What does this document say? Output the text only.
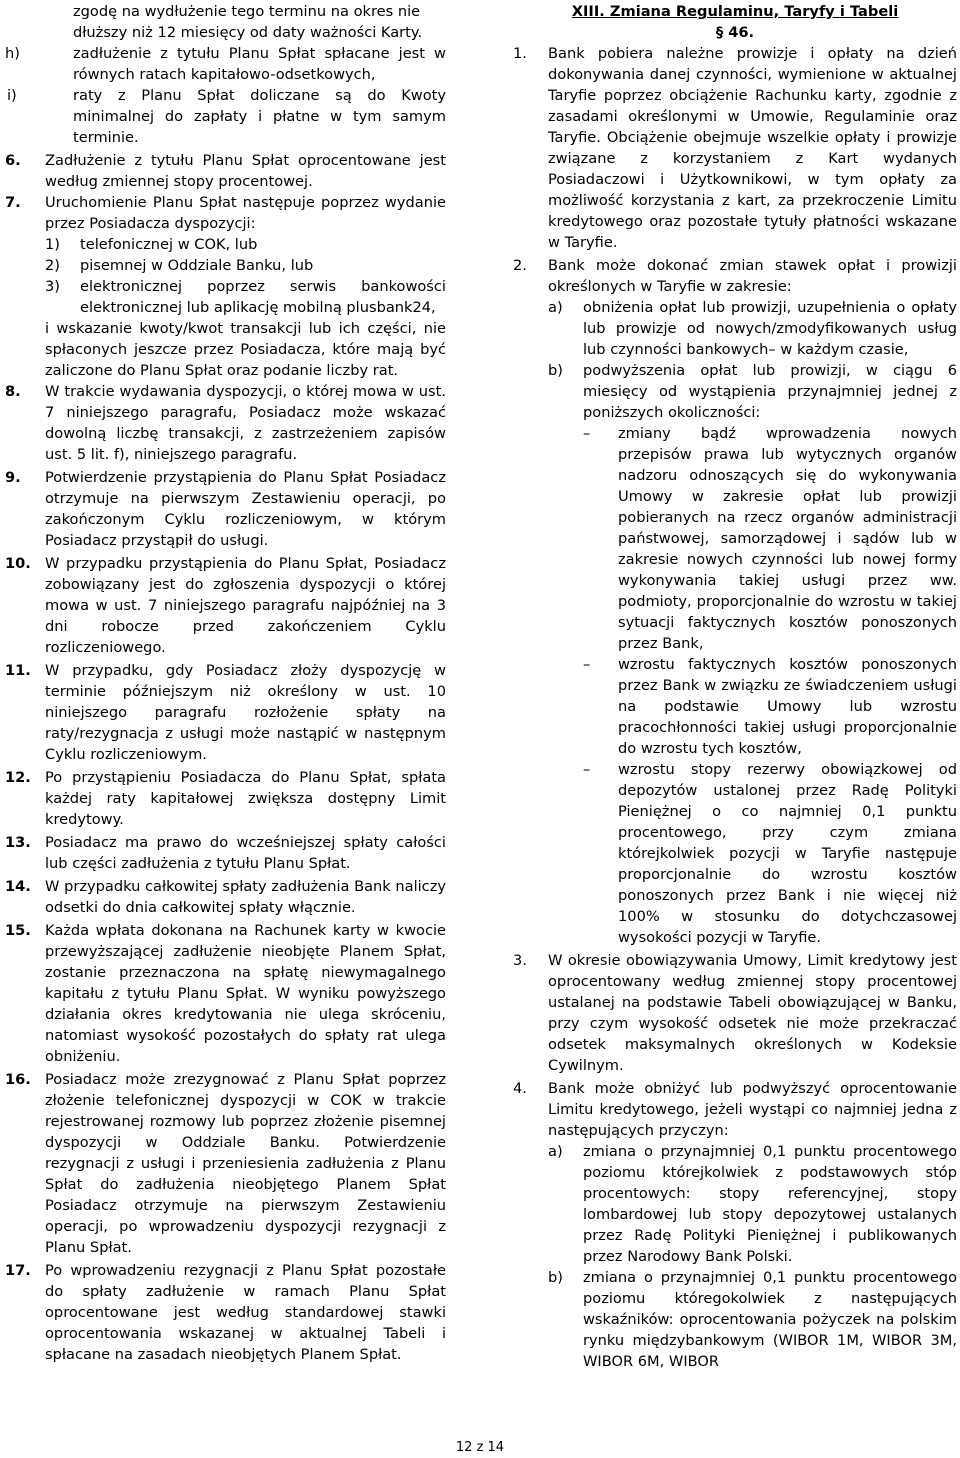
zgodę na wydłużenie tego terminu na okres nie

dłuższy niż 12 miesięcy od daty ważności Karty.

h)	zadłużenie z tytułu Planu Spłat spłacane jest w równych ratach kapitałowo-odsetkowych,
i)	raty z Planu Spłat doliczane są do Kwoty minimalnej do zapłaty i płatne w tym samym terminie.
6. Zadłużenie z tytułu Planu Spłat oprocentowane jest według zmiennej stopy procentowej.
7. Uruchomienie Planu Spłat następuje poprzez wydanie przez Posiadacza dyspozycji:
1) telefonicznej w COK, lub
2) pisemnej w Oddziale Banku, lub
3) elektronicznej poprzez serwis bankowości elektronicznej lub aplikację mobilną plusbank24,

i wskazanie kwoty/kwot transakcji lub ich części, nie spłaconych jeszcze przez Posiadacza, które mają być zaliczone do Planu Spłat oraz podanie liczby rat.

8. W trakcie wydawania dyspozycji, o której mowa w ust. 7 niniejszego paragrafu, Posiadacz może wskazać dowolną liczbę transakcji, z zastrzeżeniem zapisów ust. 5 lit. f), niniejszego paragrafu.
9. Potwierdzenie przystąpienia do Planu Spłat Posiadacz otrzymuje na pierwszym Zestawieniu operacji, po zakończonym Cyklu rozliczeniowym, w którym Posiadacz przystąpił do usługi.
10. W przypadku przystąpienia do Planu Spłat, Posiadacz zobowiązany jest do zgłoszenia dyspozycji o której mowa w ust. 7 niniejszego paragrafu najpóźniej na 3 dni robocze przed zakończeniem Cyklu rozliczeniowego.
11. W przypadku, gdy Posiadacz złoży dyspozycję w terminie późniejszym niż określony w ust. 10 niniejszego paragrafu rozłożenie spłaty na raty/rezygnacja z usługi może nastąpić w następnym Cyklu rozliczeniowym.
12. Po przystąpieniu Posiadacza do Planu Spłat, spłata każdej raty kapitałowej zwiększa dostępny Limit kredytowy.
13. Posiadacz ma prawo do wcześniejszej spłaty całości lub części zadłużenia z tytułu Planu Spłat.
14. W przypadku całkowitej spłaty zadłużenia Bank naliczy odsetki do dnia całkowitej spłaty włącznie.
15. Każda wpłata dokonana na Rachunek karty w kwocie przewyższającej zadłużenie nieobjęte Planem Spłat, zostanie przeznaczona na spłatę niewymagalnego kapitału z tytułu Planu Spłat. W wyniku powyższego działania okres kredytowania nie ulega skróceniu, natomiast wysokość pozostałych do spłaty rat ulega obniżeniu.
16. Posiadacz może zrezygnować z Planu Spłat poprzez złożenie telefonicznej dyspozycji w COK w trakcie rejestrowanej rozmowy lub poprzez złożenie pisemnej dyspozycji w Oddziale Banku. Potwierdzenie rezygnacji z usługi i przeniesienia zadłużenia z Planu Spłat do zadłużenia nieobjętego Planem Spłat Posiadacz otrzymuje na pierwszym Zestawieniu operacji, po wprowadzeniu dyspozycji rezygnacji z Planu Spłat.
17. Po wprowadzeniu rezygnacji z Planu Spłat pozostałe do spłaty zadłużenie w ramach Planu Spłat oprocentowane jest według standardowej stawki oprocentowania wskazanej w aktualnej Tabeli i spłacane na zasadach nieobjętych Planem Spłat.
XIII. Zmiana Regulaminu, Taryfy i Tabeli
§ 46.
1. Bank pobiera należne prowizje i opłaty na dzień dokonywania danej czynności, wymienione w aktualnej Taryfie poprzez obciążenie Rachunku karty, zgodnie z zasadami określonymi w Umowie, Regulaminie oraz Taryfie. Obciążenie obejmuje wszelkie opłaty i prowizje związane z korzystaniem z Kart wydanych Posiadaczowi i Użytkownikowi, w tym opłaty za możliwość korzystania z kart, za przekroczenie Limitu kredytowego oraz pozostałe tytuły płatności wskazane w Taryfie.
2. Bank może dokonać zmian stawek opłat i prowizji określonych w Taryfie w zakresie:
a) obniżenia opłat lub prowizji, uzupełnienia o opłaty lub prowizje od nowych/zmodyfikowanych usług lub czynności bankowych– w każdym czasie,
b) podwyższenia opłat lub prowizji, w ciągu 6 miesięcy od wystąpienia przynajmniej jednej z poniższych okoliczności:
– zmiany bądź wprowadzenia nowych przepisów prawa lub wytycznych organów nadzoru odnoszących się do wykonywania Umowy w zakresie opłat lub prowizji pobieranych na rzecz organów administracji państwowej, samorządowej i sądów lub w zakresie nowych czynności lub nowej formy wykonywania takiej usługi przez ww. podmioty, proporcjonalnie do wzrostu w takiej sytuacji faktycznych kosztów ponoszonych przez Bank,
– wzrostu faktycznych kosztów ponoszonych przez Bank w związku ze świadczeniem usługi na podstawie Umowy lub wzrostu pracochłonności takiej usługi proporcjonalnie do wzrostu tych kosztów,
– wzrostu stopy rezerwy obowiązkowej od depozytów ustalonej przez Radę Polityki Pieniężnej o co najmniej 0,1 punktu procentowego, przy czym zmiana którejkolwiek pozycji w Taryfie następuje proporcjonalnie do wzrostu kosztów ponoszonych przez Bank i nie więcej niż 100% w stosunku do dotychczasowej wysokości pozycji w Taryfie.
3. W okresie obowiązywania Umowy, Limit kredytowy jest oprocentowany według zmiennej stopy procentowej ustalanej na podstawie Tabeli obowiązującej w Banku, przy czym wysokość odsetek nie może przekraczać odsetek maksymalnych określonych w Kodeksie Cywilnym.
4. Bank może obniżyć lub podwyższyć oprocentowanie Limitu kredytowego, jeżeli wystąpi co najmniej jedna z następujących przyczyn:
a) zmiana o przynajmniej 0,1 punktu procentowego poziomu którejkolwiek z podstawowych stóp procentowych: stopy referencyjnej, stopy lombardowej lub stopy depozytowej ustalanych przez Radę Polityki Pieniężnej i publikowanych przez Narodowy Bank Polski.
b) zmiana o przynajmniej 0,1 punktu procentowego poziomu któregokolwiek z następujących wskaźników: oprocentowania pożyczek na polskim rynku międzybankowym (WIBOR 1M, WIBOR 3M, WIBOR 6M, WIBOR
12 z 14
